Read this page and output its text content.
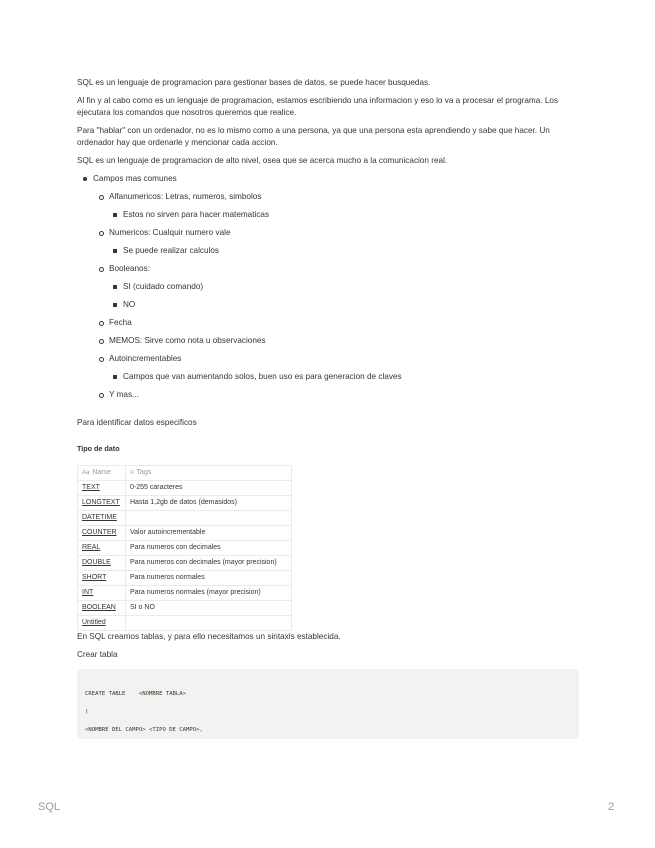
SQL es un lenguaje de programacion para gestionar bases de datos, se puede hacer busquedas.

Al fin y al cabo como es un lenguaje de programacion, estamos escribiendo una informacion y eso lo va a procesar el programa. Los ejecutara los comandos que nosotros queremos que realice.

Para "hablar" con un ordenador, no es lo mismo como a una persona, ya que una persona esta aprendiendo y sabe que hacer. Un ordenador hay que ordenarle y mencionar cada accion.

SQL es un lenguaje de programacion de alto nivel, osea que se acerca mucho a la comunicacion real.

Campos mas comunes
Alfanumericos: Letras, numeros, simbolos
Estos no sirven para hacer matematicas
Numericos: Cualquir numero vale
Se puede realizar calculos
Booleanos:
SI (cuidado comando)
NO
Fecha
MEMOS: Sirve como nota u observaciones
Autoincrementables
Campos que van aumentando solos, buen uso es para generacion de claves
Y mas...

Para identificar datos especificos

Tipo de dato
Aa Name	≡ Tags
TEXT	0-255 caracteres
LONGTEXT	Hasta 1,2gb de datos (demasidos)
DATETIME	
COUNTER	Valor autoincrementable
REAL	Para numeros con decimales
DOUBLE	Para numeros con decimales (mayor precision)
SHORT	Para numeros normales
INT	Para numeros normales (mayor precision)
BOOLEAN	SI o NO
Untitled	

En SQL creamos tablas, y para ello necesitamos un sintaxis establecida.

Crear tabla

CREATE TABLE    <NOMBRE TABLA>
(
<NOMBRE DEL CAMPO> <TIPO DE CAMPO>,
SQL	2
